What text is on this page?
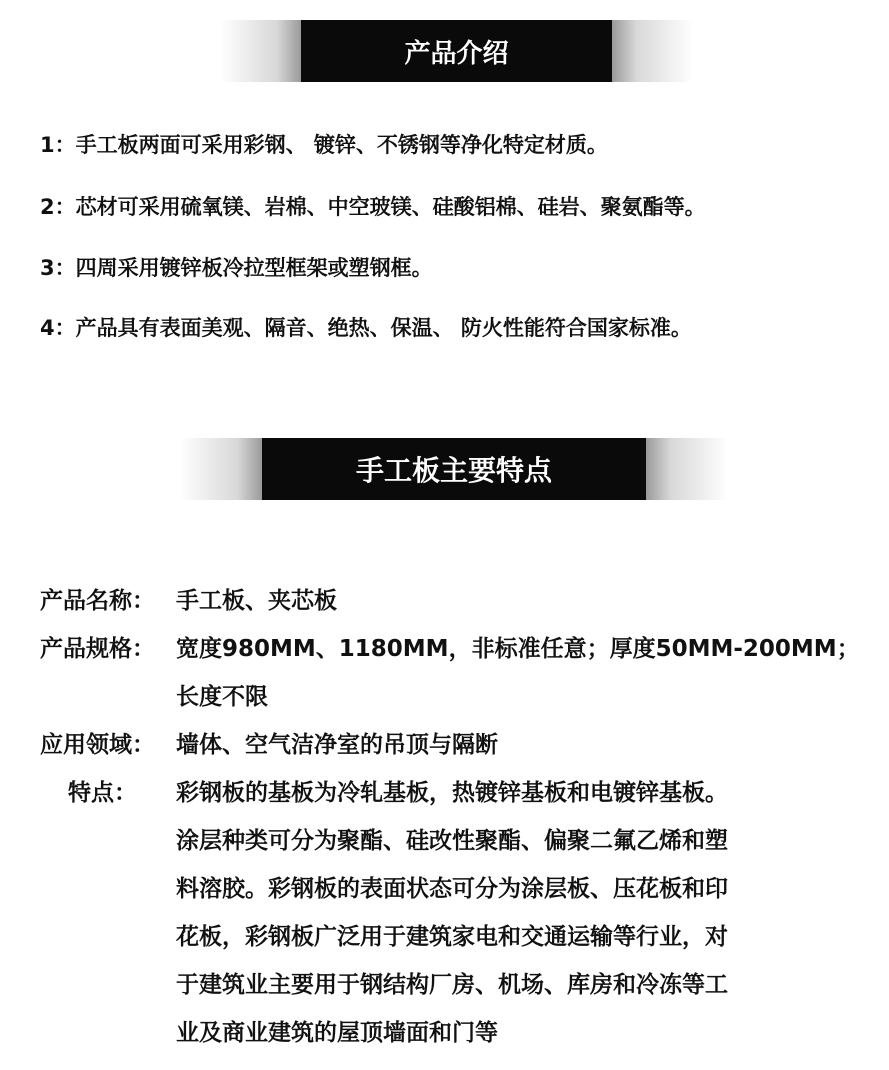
产品介绍
1：手工板两面可采用彩钢、 镀锌、不锈钢等净化特定材质。
2：芯材可采用硫氧镁、岩棉、中空玻镁、硅酸铝棉、硅岩、聚氨酯等。
3：四周采用镀锌板冷拉型框架或塑钢框。
4：产品具有表面美观、隔音、绝热、保温、 防火性能符合国家标准。
手工板主要特点
产品名称： 手工板、夹芯板
产品规格： 宽度980MM、1180MM，非标准任意；厚度50MM-200MM；
长度不限
应用领域： 墙体、空气洁净室的吊顶与隔断
特点：	彩钢板的基板为冷轧基板，热镀锌基板和电镀锌基板。
涂层种类可分为聚酯、硅改性聚酯、偏聚二氟乙烯和塑
料溶胶。彩钢板的表面状态可分为涂层板、压花板和印
花板，彩钢板广泛用于建筑家电和交通运输等行业，对
于建筑业主要用于钢结构厂房、机场、库房和冷冻等工
业及商业建筑的屋顶墙面和门等
